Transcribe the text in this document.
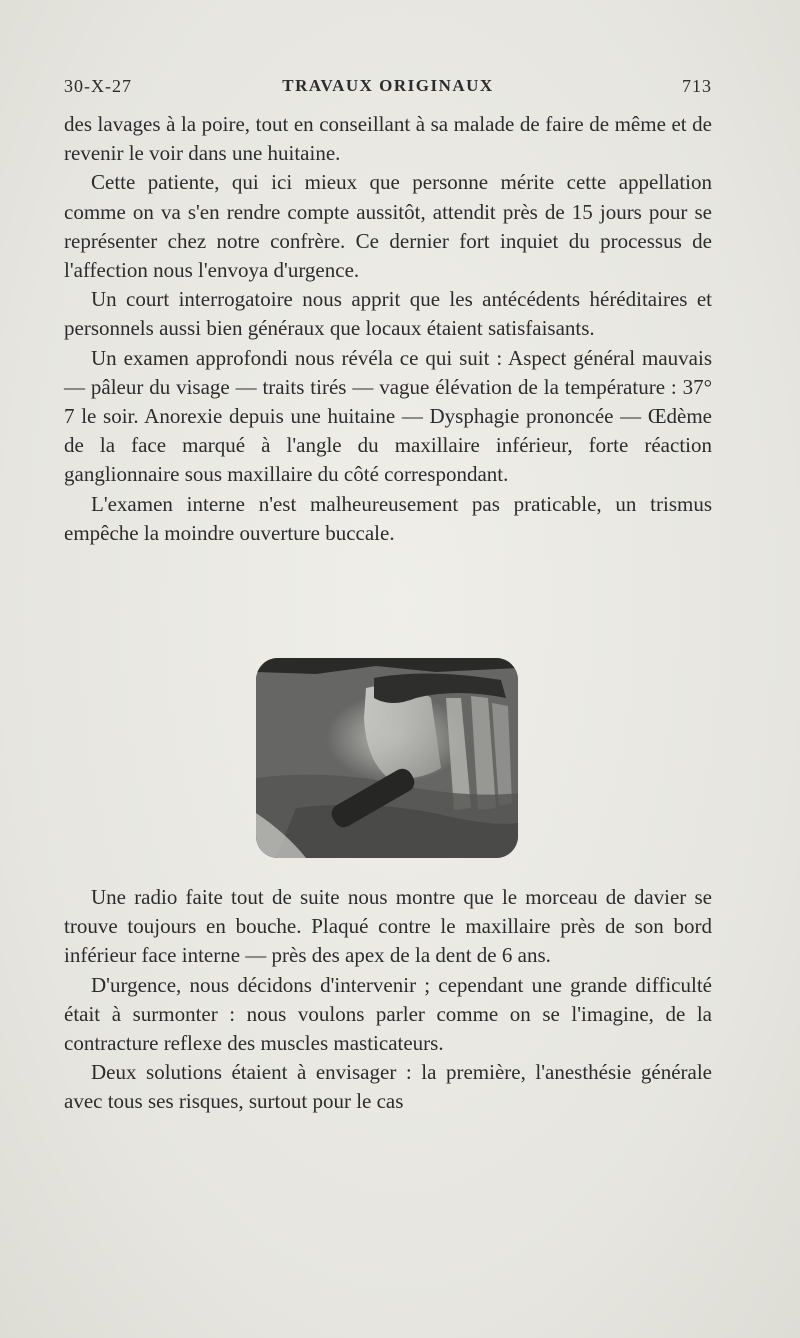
30-X-27	TRAVAUX ORIGINAUX	713

des lavages à la poire, tout en conseillant à sa malade de faire de même et de revenir le voir dans une huitaine.

Cette patiente, qui ici mieux que personne mérite cette appellation comme on va s'en rendre compte aussitôt, attendit près de 15 jours pour se représenter chez notre confrère. Ce dernier fort inquiet du processus de l'affection nous l'envoya d'urgence.

Un court interrogatoire nous apprit que les antécédents héréditaires et personnels aussi bien généraux que locaux étaient satisfaisants.

Un examen approfondi nous révéla ce qui suit : Aspect général mauvais — pâleur du visage — traits tirés — vague élévation de la température : 37° 7 le soir. Anorexie depuis une huitaine — Dysphagie prononcée — Œdème de la face marqué à l'angle du maxillaire inférieur, forte réaction ganglionnaire sous maxillaire du côté correspondant.

L'examen interne n'est malheureusement pas praticable, un trismus empêche la moindre ouverture buccale.

Une radio faite tout de suite nous montre que le morceau de davier se trouve toujours en bouche. Plaqué contre le maxillaire près de son bord inférieur face interne — près des apex de la dent de 6 ans.

D'urgence, nous décidons d'intervenir ; cependant une grande difficulté était à surmonter : nous voulons parler comme on se l'imagine, de la contracture reflexe des muscles masticateurs.

Deux solutions étaient à envisager : la première, l'anesthésie générale avec tous ses risques, surtout pour le cas
